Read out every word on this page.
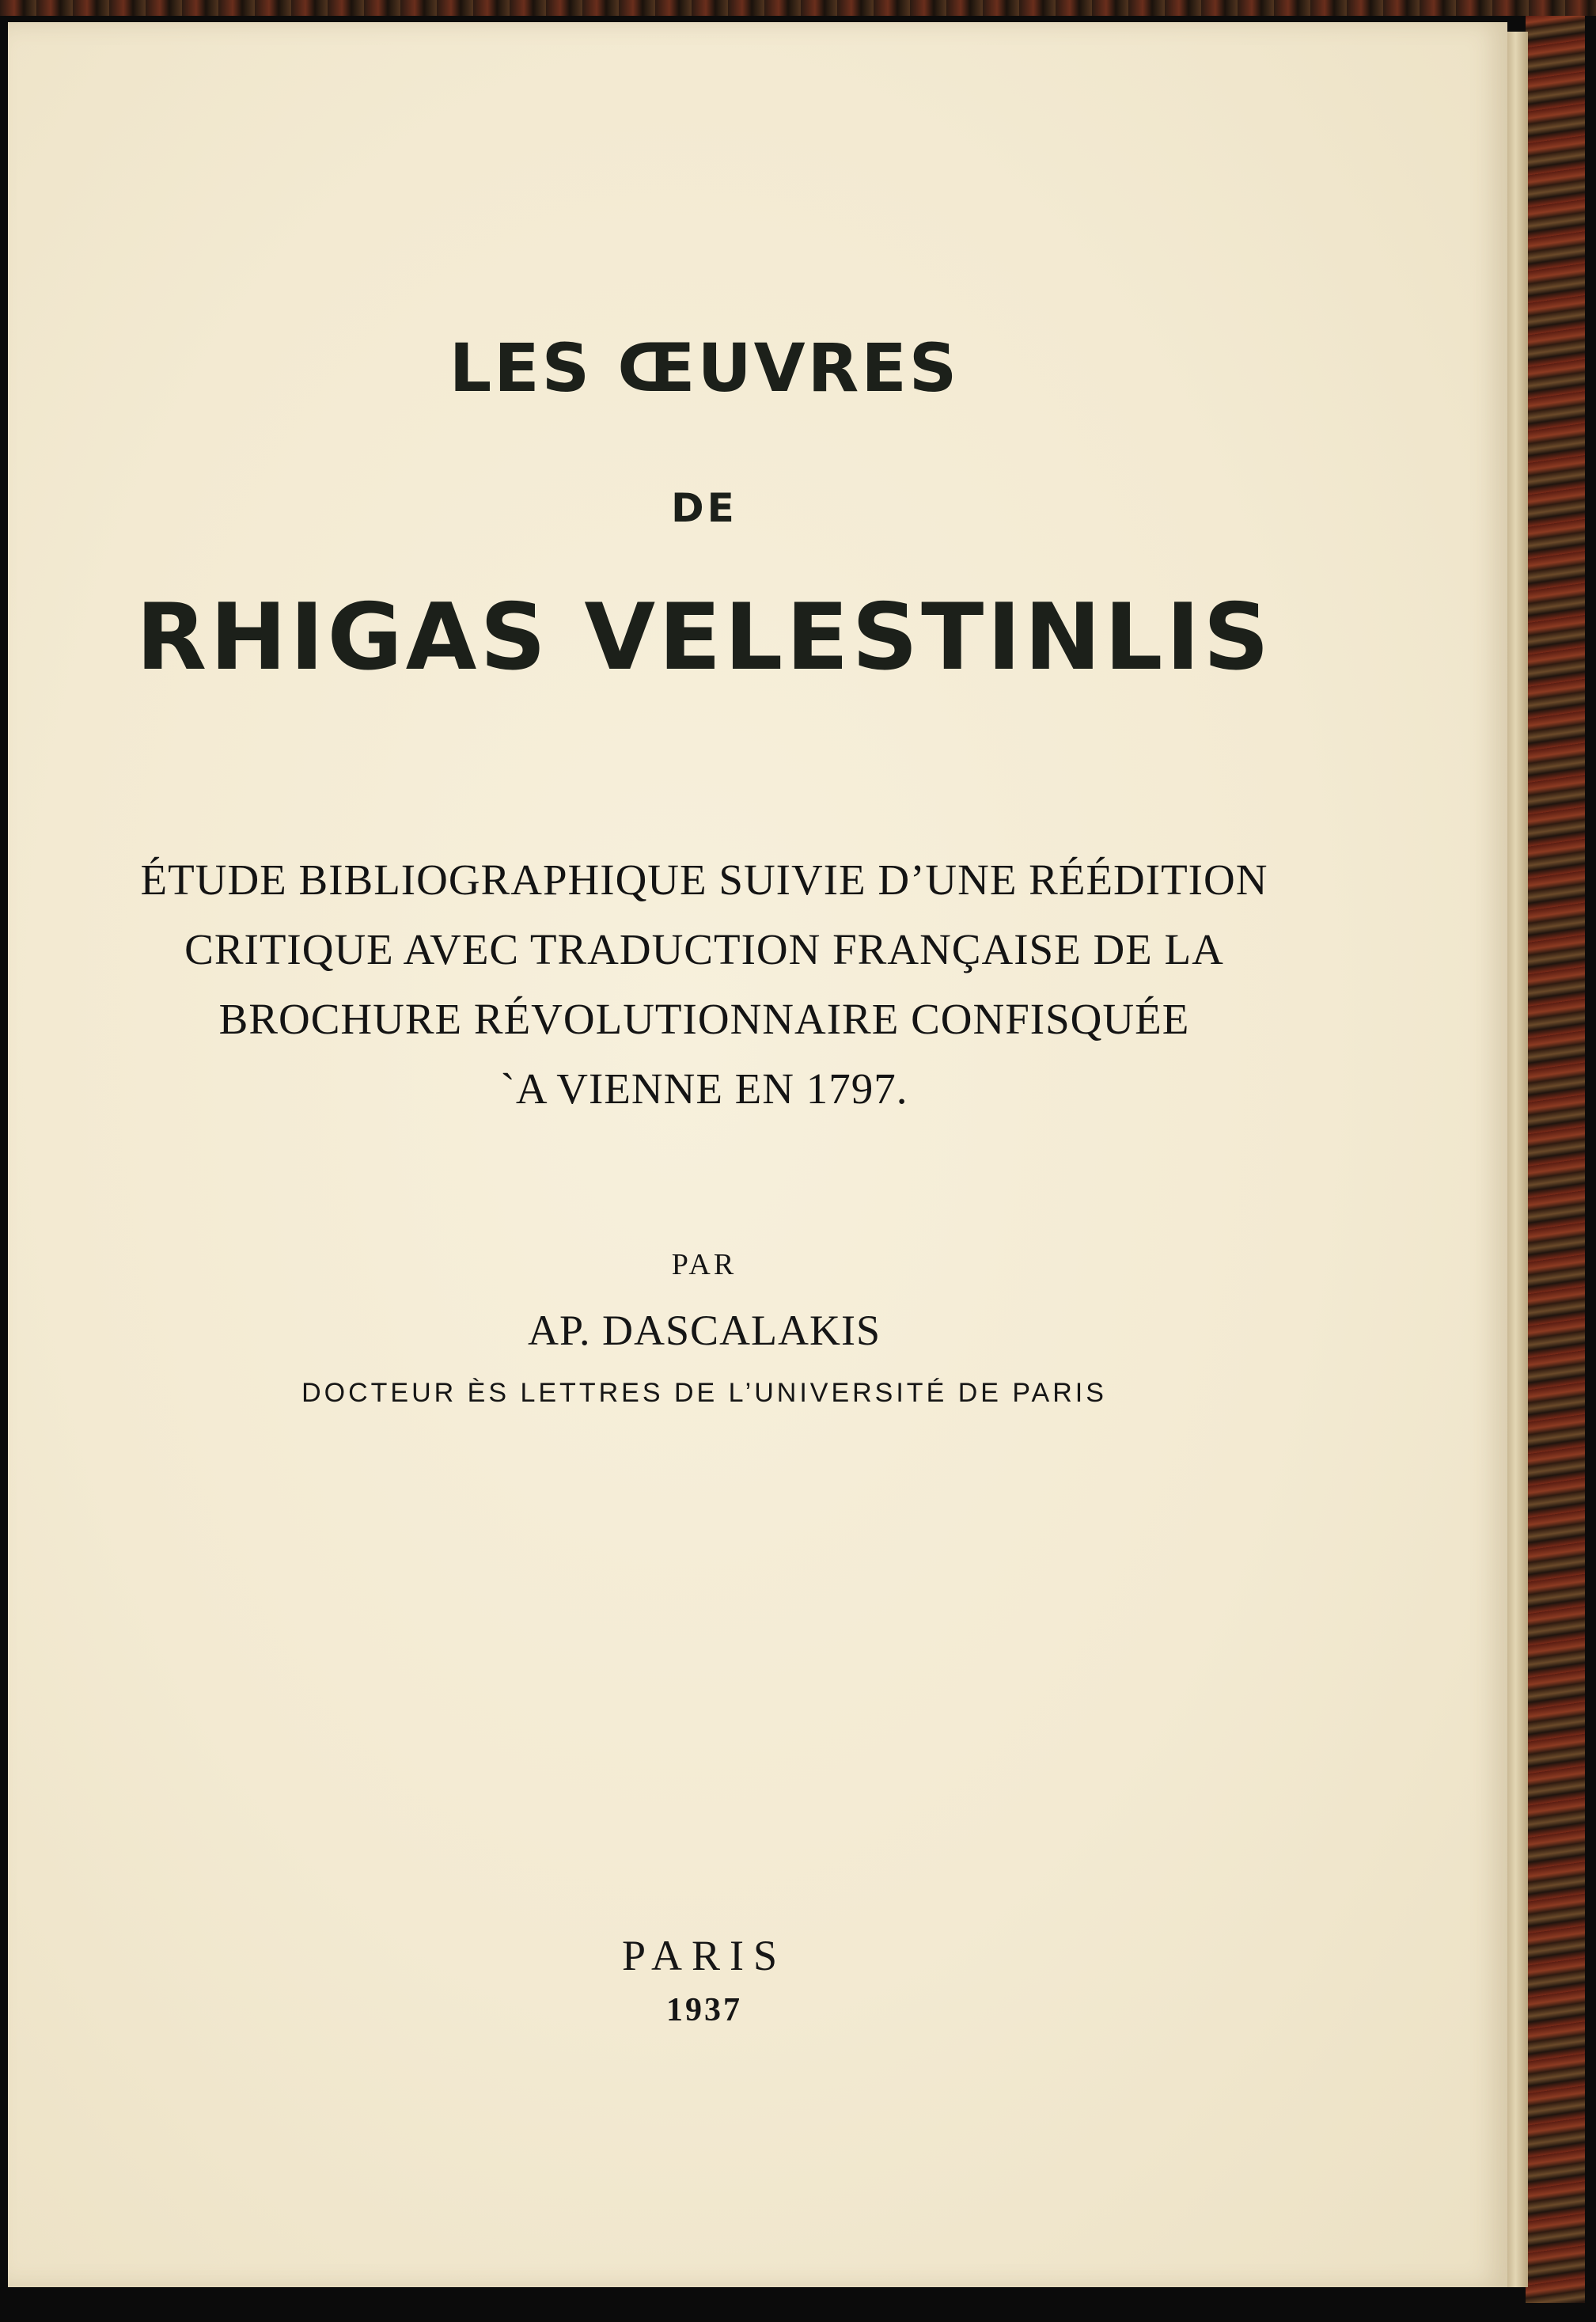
LES ŒUVRES
DE
RHIGAS VELESTINLIS
ÉTUDE BIBLIOGRAPHIQUE SUIVIE D’UNE RÉÉDITION
CRITIQUE AVEC TRADUCTION FRANÇAISE DE LA
BROCHURE RÉVOLUTIONNAIRE CONFISQUÉE
`A VIENNE EN 1797.
PAR
AP. DASCALAKIS
DOCTEUR ÈS LETTRES DE L’UNIVERSITÉ DE PARIS
PARIS
1937
